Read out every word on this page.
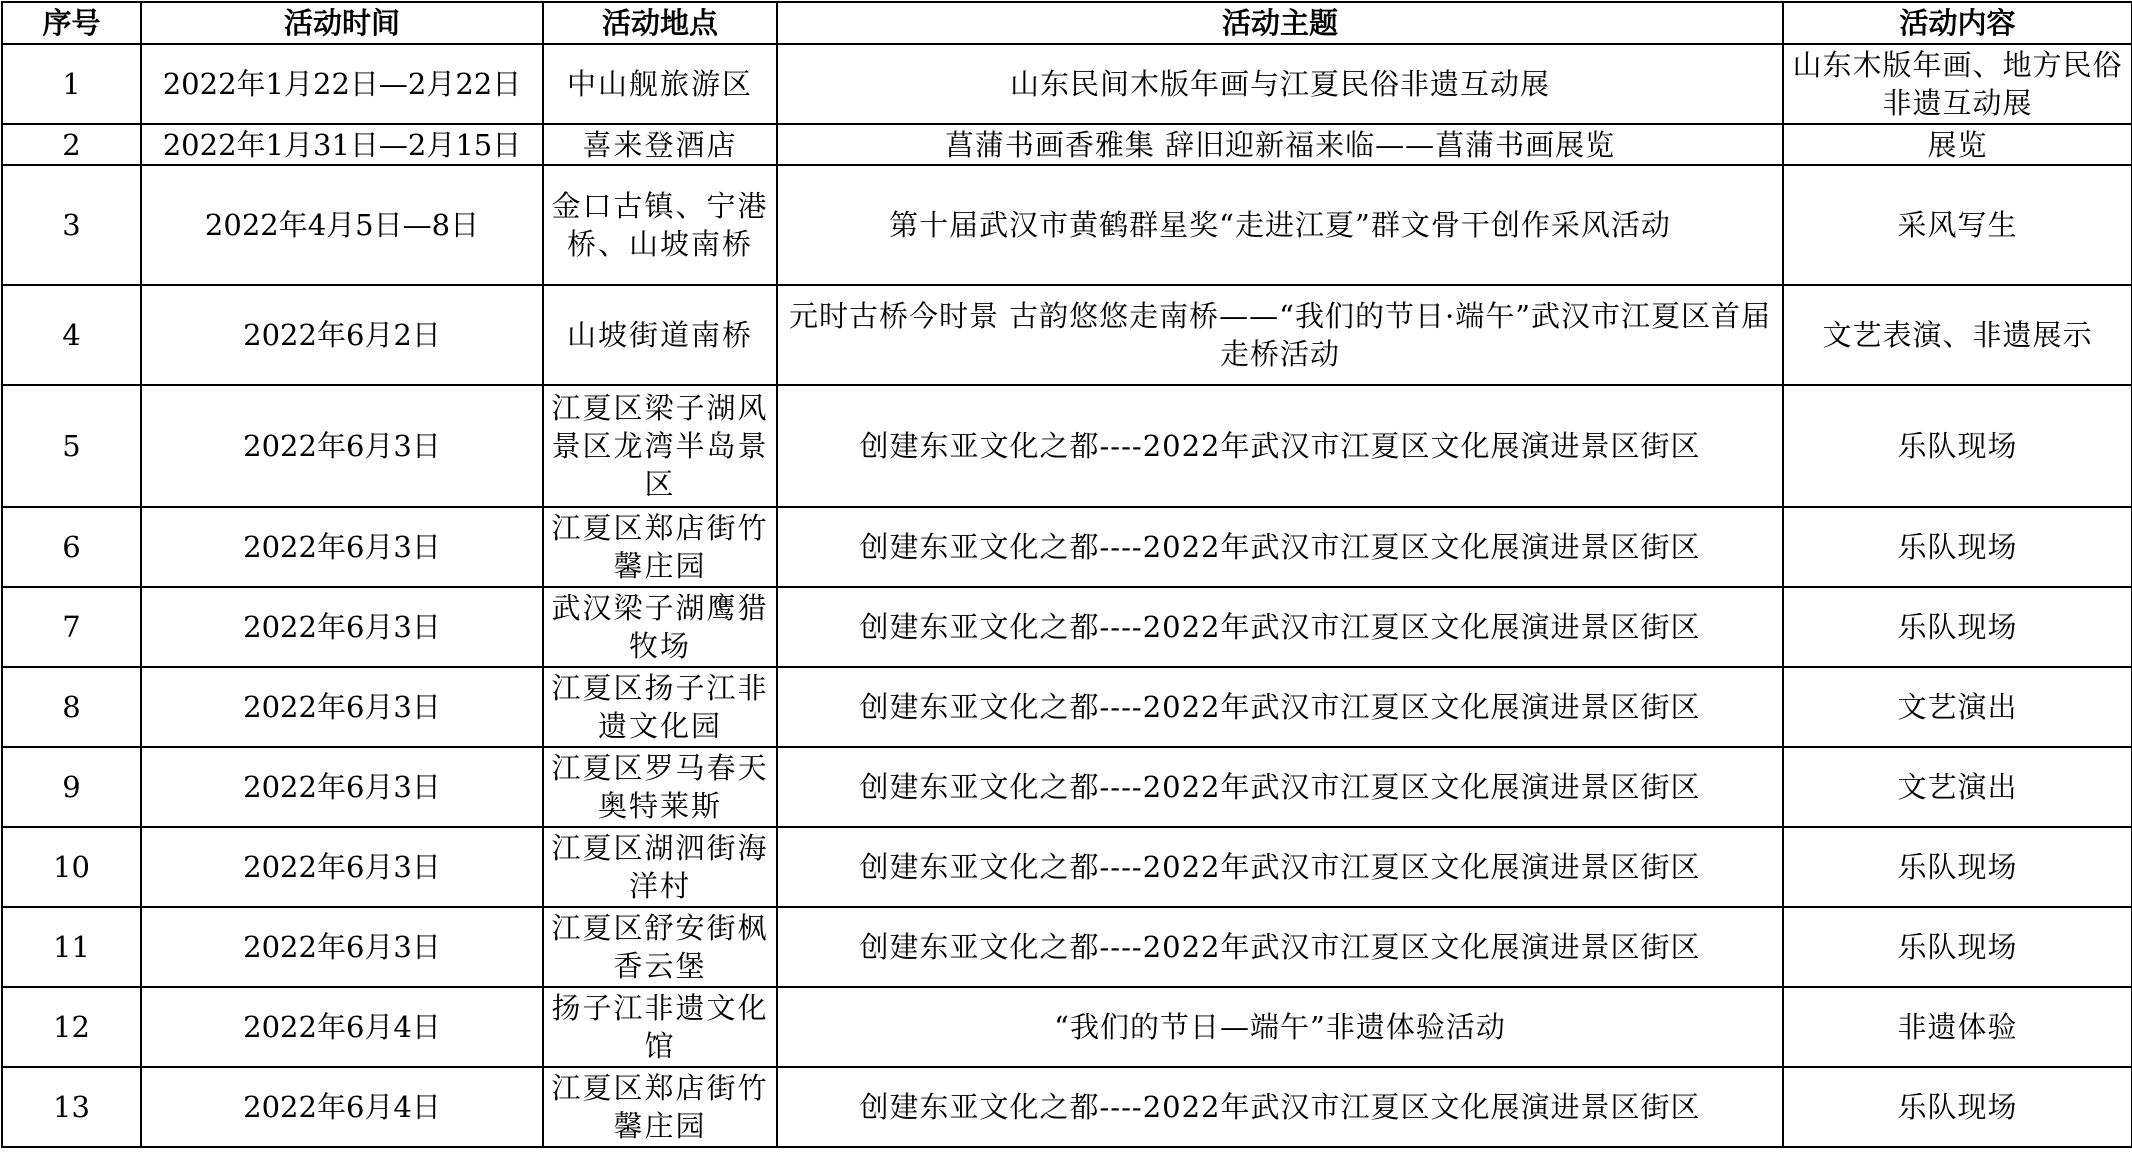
序号	活动时间	活动地点	活动主题	活动内容
1	2022年1月22日—2月22日	中山舰旅游区	山东民间木版年画与江夏民俗非遗互动展	山东木版年画、地方民俗非遗互动展
2	2022年1月31日—2月15日	喜来登酒店	菖蒲书画香雅集 辞旧迎新福来临——菖蒲书画展览	展览
3	2022年4月5日—8日	金口古镇、宁港桥、山坡南桥	第十届武汉市黄鹤群星奖“走进江夏”群文骨干创作采风活动	采风写生
4	2022年6月2日	山坡街道南桥	元时古桥今时景 古韵悠悠走南桥——“我们的节日·端午”武汉市江夏区首届走桥活动	文艺表演、非遗展示
5	2022年6月3日	江夏区梁子湖风景区龙湾半岛景区	创建东亚文化之都----2022年武汉市江夏区文化展演进景区街区	乐队现场
6	2022年6月3日	江夏区郑店街竹馨庄园	创建东亚文化之都----2022年武汉市江夏区文化展演进景区街区	乐队现场
7	2022年6月3日	武汉梁子湖鹰猎牧场	创建东亚文化之都----2022年武汉市江夏区文化展演进景区街区	乐队现场
8	2022年6月3日	江夏区扬子江非遗文化园	创建东亚文化之都----2022年武汉市江夏区文化展演进景区街区	文艺演出
9	2022年6月3日	江夏区罗马春天奥特莱斯	创建东亚文化之都----2022年武汉市江夏区文化展演进景区街区	文艺演出
10	2022年6月3日	江夏区湖泗街海洋村	创建东亚文化之都----2022年武汉市江夏区文化展演进景区街区	乐队现场
11	2022年6月3日	江夏区舒安街枫香云堡	创建东亚文化之都----2022年武汉市江夏区文化展演进景区街区	乐队现场
12	2022年6月4日	扬子江非遗文化馆	“我们的节日—端午”非遗体验活动	非遗体验
13	2022年6月4日	江夏区郑店街竹馨庄园	创建东亚文化之都----2022年武汉市江夏区文化展演进景区街区	乐队现场
